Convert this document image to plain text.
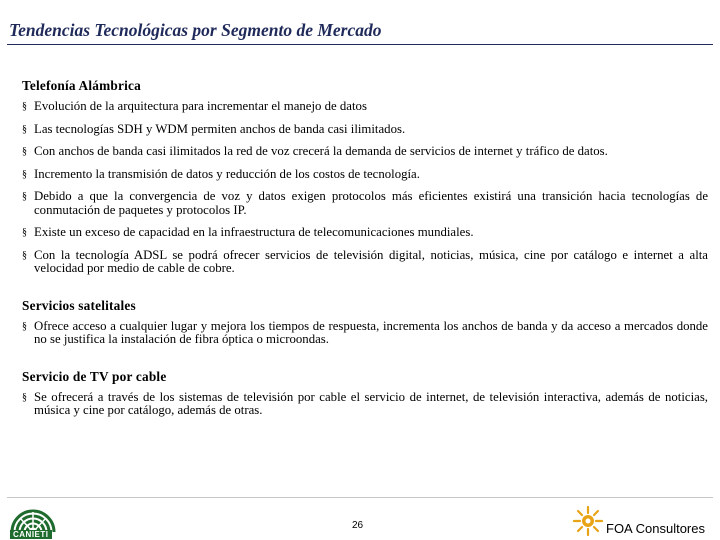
Tendencias Tecnológicas por Segmento de Mercado
Telefonía Alámbrica
§ Evolución de la arquitectura para incrementar el manejo de datos
§ Las tecnologías SDH y WDM permiten anchos de banda casi ilimitados.
§ Con anchos de banda casi ilimitados la red de voz crecerá la demanda de servicios de internet y tráfico de datos.
§ Incremento la transmisión de datos y reducción de los costos de tecnología.
§ Debido a que la convergencia de voz y datos exigen protocolos más eficientes existirá una transición hacia tecnologías de conmutación de paquetes y protocolos IP.
§ Existe un exceso de capacidad en la infraestructura de telecomunicaciones mundiales.
§ Con la tecnología ADSL se podrá ofrecer servicios de televisión digital, noticias, música, cine por catálogo e internet a alta velocidad por medio de cable de cobre.
Servicios satelitales
§ Ofrece acceso a cualquier lugar y mejora los tiempos de respuesta, incrementa los anchos de banda y da acceso a mercados donde no se justifica la instalación de fibra óptica o microondas.
Servicio de TV por cable
§ Se ofrecerá a través de los sistemas de televisión por cable el servicio de internet, de televisión interactiva, además de noticias, música y cine por catálogo, además de otras.
CANIETI
26	FOA Consultores
